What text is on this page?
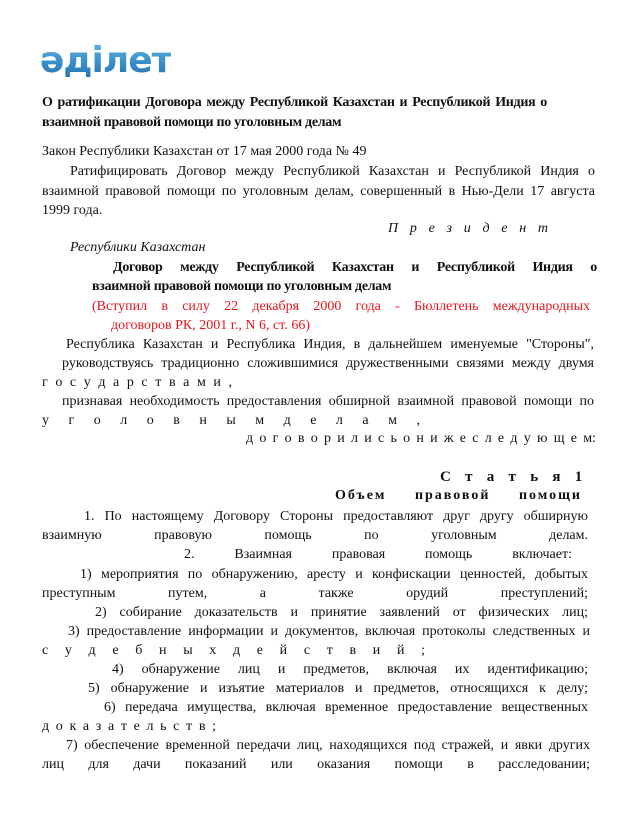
әділет
О ратификации Договора между Республикой Казахстан и Республикой Индия о
взаимной правовой помощи по уголовным делам
Закон Республики Казахстан от 17 мая 2000 года № 49
Ратифицировать Договор между Республикой Казахстан и Республикой Индия о
взаимной правовой помощи по уголовным делам, совершенный в Нью-Дели 17 августа
1999 года.
П р е з и д е н т
Республики Казахстан
Договор между Республикой Казахстан и Республикой Индия о
взаимной правовой помощи по уголовным делам
(Вступил в силу 22 декабря 2000 года - Бюллетень международных
договоров РК, 2001 г., N 6, ст. 66)
Республика Казахстан и Республика Индия, в дальнейшем именуемые "Стороны",
руководствуясь традиционно сложившимися дружественными связями между двумя
г о с у д а р с т в а м и ,
признавая необходимость предоставления обширной взаимной правовой помощи по
у г о л о в н ы м д е л а м ,
д о г о в о р и л и с ь о н и ж е с л е д у ю щ е м:
С т а т ь я 1
Объем правовой помощи
1. По настоящему Договору Стороны предоставляют друг другу обширную
взаимную правовую помощь по уголовным делам.
2. Взаимная правовая помощь включает:
1) мероприятия по обнаружению, аресту и конфискации ценностей, добытых
преступным путем, а также орудий преступлений;
2) собирание доказательств и принятие заявлений от физических лиц;
3) предоставление информации и документов, включая протоколы следственных и
с у д е б н ы х д е й с т в и й ;
4) обнаружение лиц и предметов, включая их идентификацию;
5) обнаружение и изъятие материалов и предметов, относящихся к делу;
6) передача имущества, включая временное предоставление вещественных
д о к а з а т е л ь с т в ;
7) обеспечение временной передачи лиц, находящихся под стражей, и явки других
лиц для дачи показаний или оказания помощи в расследовании;
